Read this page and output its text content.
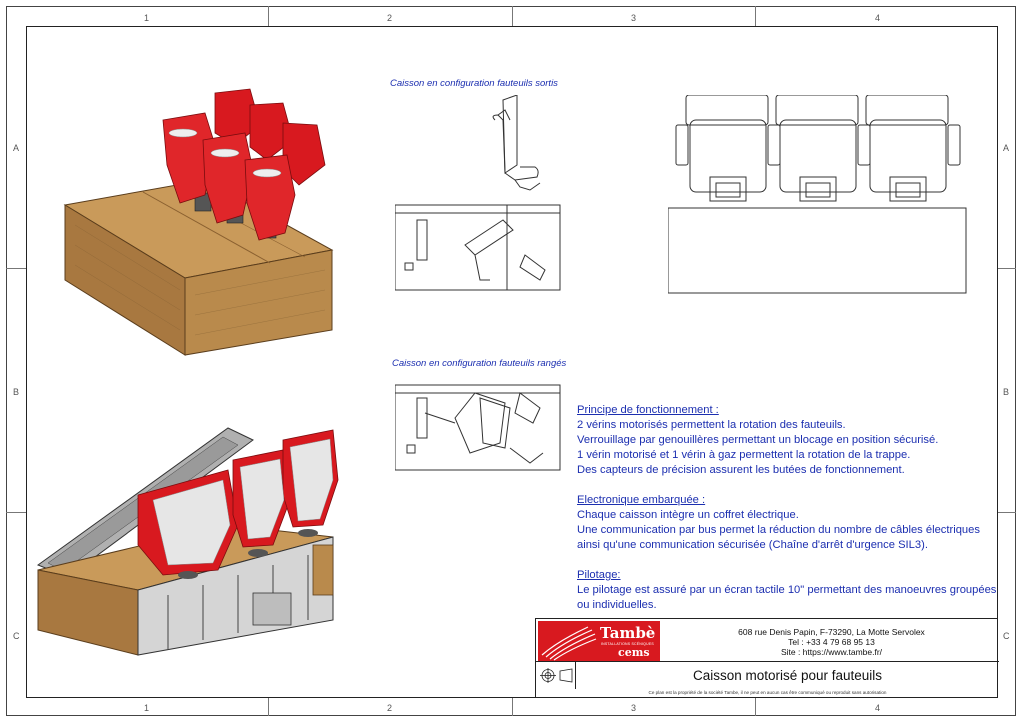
1	2	3	4
1	2	3	4
A
B
C
A
B
C
Caisson en configuration fauteuils sortis
Caisson en configuration fauteuils rangés
Principe de fonctionnement :
2 vérins motorisés permettent la rotation des fauteuils.
Verrouillage par genouillères permettant un blocage en position sécurisé.
1 vérin motorisé et 1 vérin à gaz permettent la rotation de la trappe.
Des capteurs de précision assurent les butées de fonctionnement.
Electronique embarquée :
Chaque caisson intègre un coffret électrique.
Une communication par bus permet la réduction du nombre de câbles électriques
ainsi qu'une communication sécurisée (Chaîne d'arrêt d'urgence SIL3).
Pilotage:
Le pilotage est assuré par un écran tactile 10" permettant des manoeuvres groupées
ou individuelles.
Tambè
INSTALLATIONS SCÉNIQUES
cems
608 rue Denis Papin, F-73290, La Motte Servolex
Tel : +33 4 79 68 95 13
Site : https://www.tambe.fr/
Caisson motorisé pour fauteuils
Ce plan est la propriété de la société Tambe, il ne peut en aucun cas être communiqué ou reproduit sans autorisation
